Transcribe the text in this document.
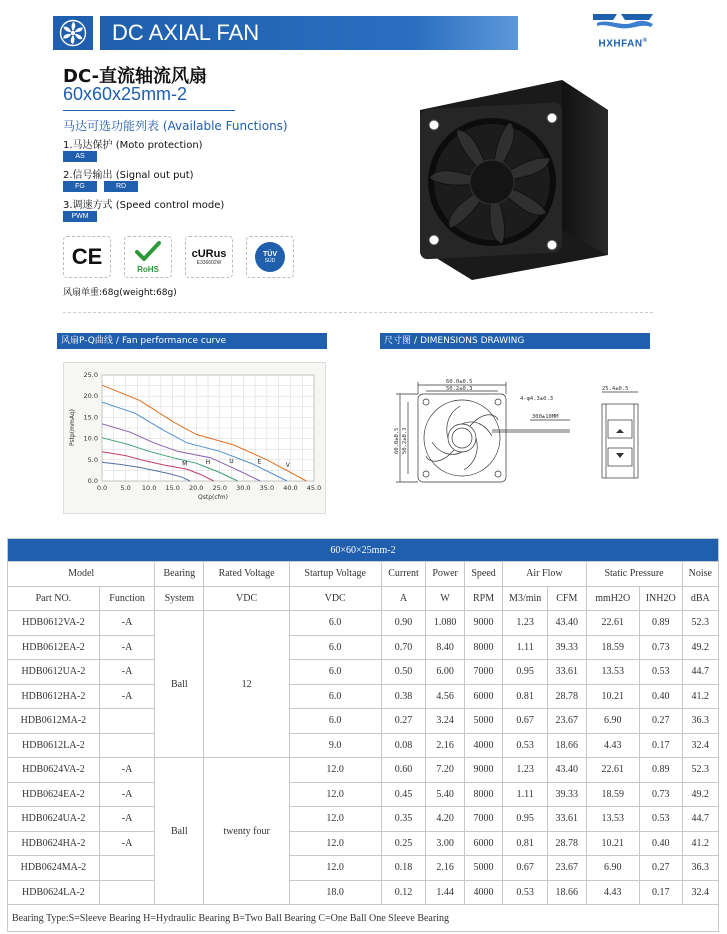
DC AXIAL FAN	HXHFAN®
DC-直流轴流风扇
60x60x25mm-2
马达可选功能列表 (Available Functions)
1.马达保护 (Moto protection)
AS
2.信号输出 (Signal out put)
FG	RD
3.调速方式 (Speed control mode)
PWM
CE	RoHS
cURus
E336602W
TÜV
SÜD
风扇单重:68g(weight:68g)
风扇P-Q曲线 / Fan performance curve	尺寸图 / DIMENSIONS DRAWING
0.0 5.0 10.0 15.0 20.0 25.0 30.0 35.0 40.0 45.0
0.0
5.0
10.0
15.0
20.0
25.0
Qstp(cfm)
Pstp(mmAq)
V
E
U
H
M
60.0±0.5
50.2±0.3
4-φ4.3±0.3
300±10MM
25.4±0.5
60.0±0.5 50.2±0.3
60×60×25mm-2												
Model		Bearing	Rated Voltage	Startup Voltage	Current	Power	Speed	Air Flow		Static Pressure		Noise
Part NO.	Function	System	VDC	VDC	A	W	RPM	M3/min	CFM	mmH2O	INH2O	dBA
HDB0612VA-2	-A	Ball	12	6.0	0.90	1.080	9000	1.23	43.40	22.61	0.89	52.3
HDB0612EA-2	-A			6.0	0.70	8.40	8000	1.11	39.33	18.59	0.73	49.2
HDB0612UA-2	-A			6.0	0.50	6.00	7000	0.95	33.61	13.53	0.53	44.7
HDB0612HA-2	-A			6.0	0.38	4.56	6000	0.81	28.78	10.21	0.40	41.2
HDB0612MA-2				6.0	0.27	3.24	5000	0.67	23.67	6.90	0.27	36.3
HDB0612LA-2				9.0	0.08	2.16	4000	0.53	18.66	4.43	0.17	32.4
HDB0624VA-2	-A	Ball	twenty four	12.0	0.60	7.20	9000	1.23	43.40	22.61	0.89	52.3
HDB0624EA-2	-A			12.0	0.45	5.40	8000	1.11	39.33	18.59	0.73	49.2
HDB0624UA-2	-A			12.0	0.35	4.20	7000	0.95	33.61	13.53	0.53	44.7
HDB0624HA-2	-A			12.0	0.25	3.00	6000	0.81	28.78	10.21	0.40	41.2
HDB0624MA-2				12.0	0.18	2.16	5000	0.67	23.67	6.90	0.27	36.3
HDB0624LA-2				18.0	0.12	1.44	4000	0.53	18.66	4.43	0.17	32.4
Bearing Type:S=Sleeve Bearing H=Hydraulic Bearing B=Two Ball Bearing C=One Ball One Sleeve Bearing												
